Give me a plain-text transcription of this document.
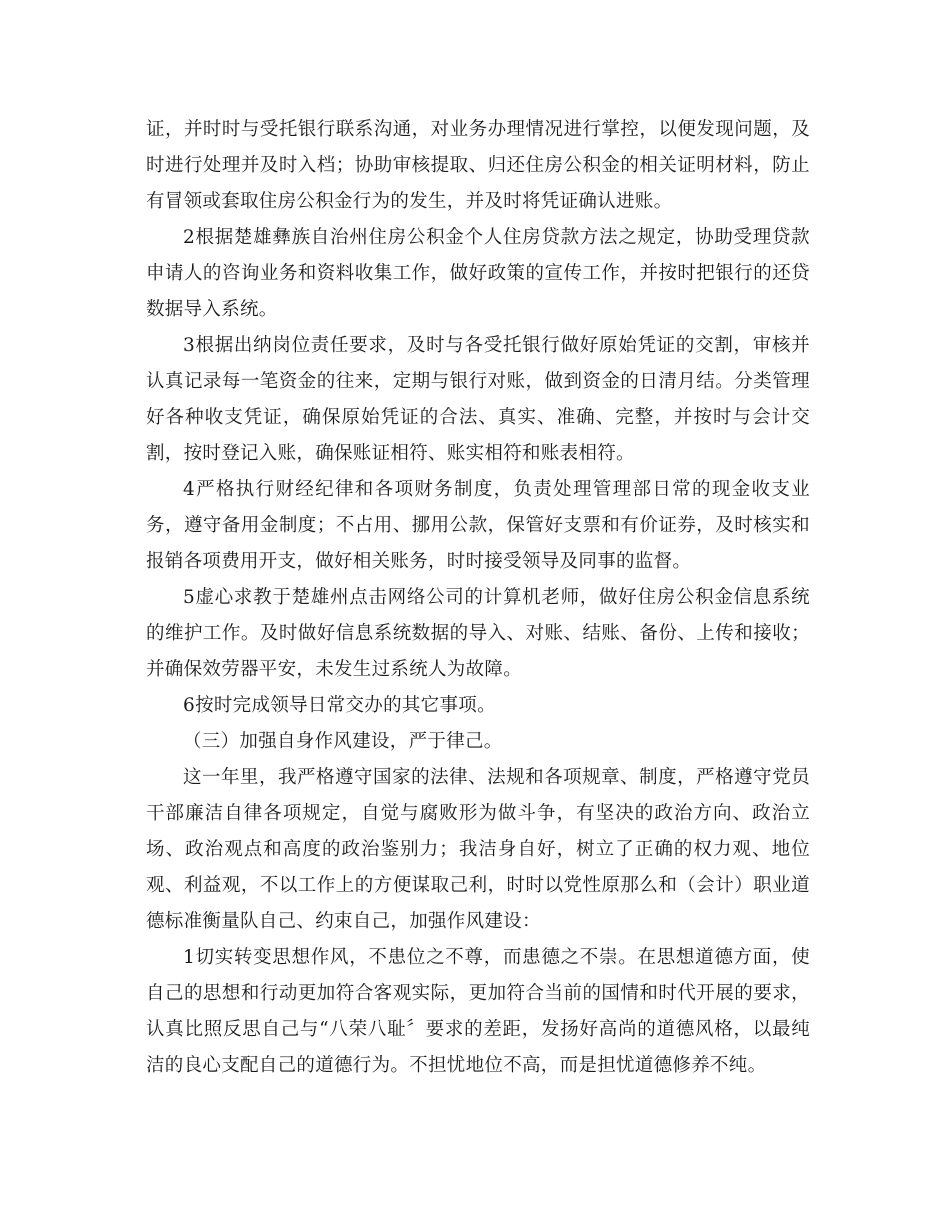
证，并时时与受托银行联系沟通，对业务办理情况进行掌控，以便发现问题，及时进行处理并及时入档；协助审核提取、归还住房公积金的相关证明材料，防止有冒领或套取住房公积金行为的发生，并及时将凭证确认进账。

2根据楚雄彝族自治州住房公积金个人住房贷款方法之规定，协助受理贷款申请人的咨询业务和资料收集工作，做好政策的宣传工作，并按时把银行的还贷数据导入系统。

3根据出纳岗位责任要求，及时与各受托银行做好原始凭证的交割，审核并认真记录每一笔资金的往来，定期与银行对账，做到资金的日清月结。分类管理好各种收支凭证，确保原始凭证的合法、真实、准确、完整，并按时与会计交割，按时登记入账，确保账证相符、账实相符和账表相符。

4严格执行财经纪律和各项财务制度，负责处理管理部日常的现金收支业务，遵守备用金制度；不占用、挪用公款，保管好支票和有价证券，及时核实和报销各项费用开支，做好相关账务，时时接受领导及同事的监督。

5虚心求教于楚雄州点击网络公司的计算机老师，做好住房公积金信息系统的维护工作。及时做好信息系统数据的导入、对账、结账、备份、上传和接收；并确保效劳器平安，未发生过系统人为故障。

6按时完成领导日常交办的其它事项。

（三）加强自身作风建设，严于律己。

这一年里，我严格遵守国家的法律、法规和各项规章、制度，严格遵守党员干部廉洁自律各项规定，自觉与腐败形为做斗争，有坚决的政治方向、政治立场、政治观点和高度的政治鉴别力；我洁身自好，树立了正确的权力观、地位观、利益观，不以工作上的方便谋取己利，时时以党性原那么和（会计）职业道德标准衡量队自己、约束自己，加强作风建设：

1切实转变思想作风，不患位之不尊，而患德之不崇。在思想道德方面，使自己的思想和行动更加符合客观实际，更加符合当前的国情和时代开展的要求，认真比照反思自己与“八荣八耻〞要求的差距，发扬好高尚的道德风格，以最纯洁的良心支配自己的道德行为。不担忧地位不高，而是担忧道德修养不纯。
